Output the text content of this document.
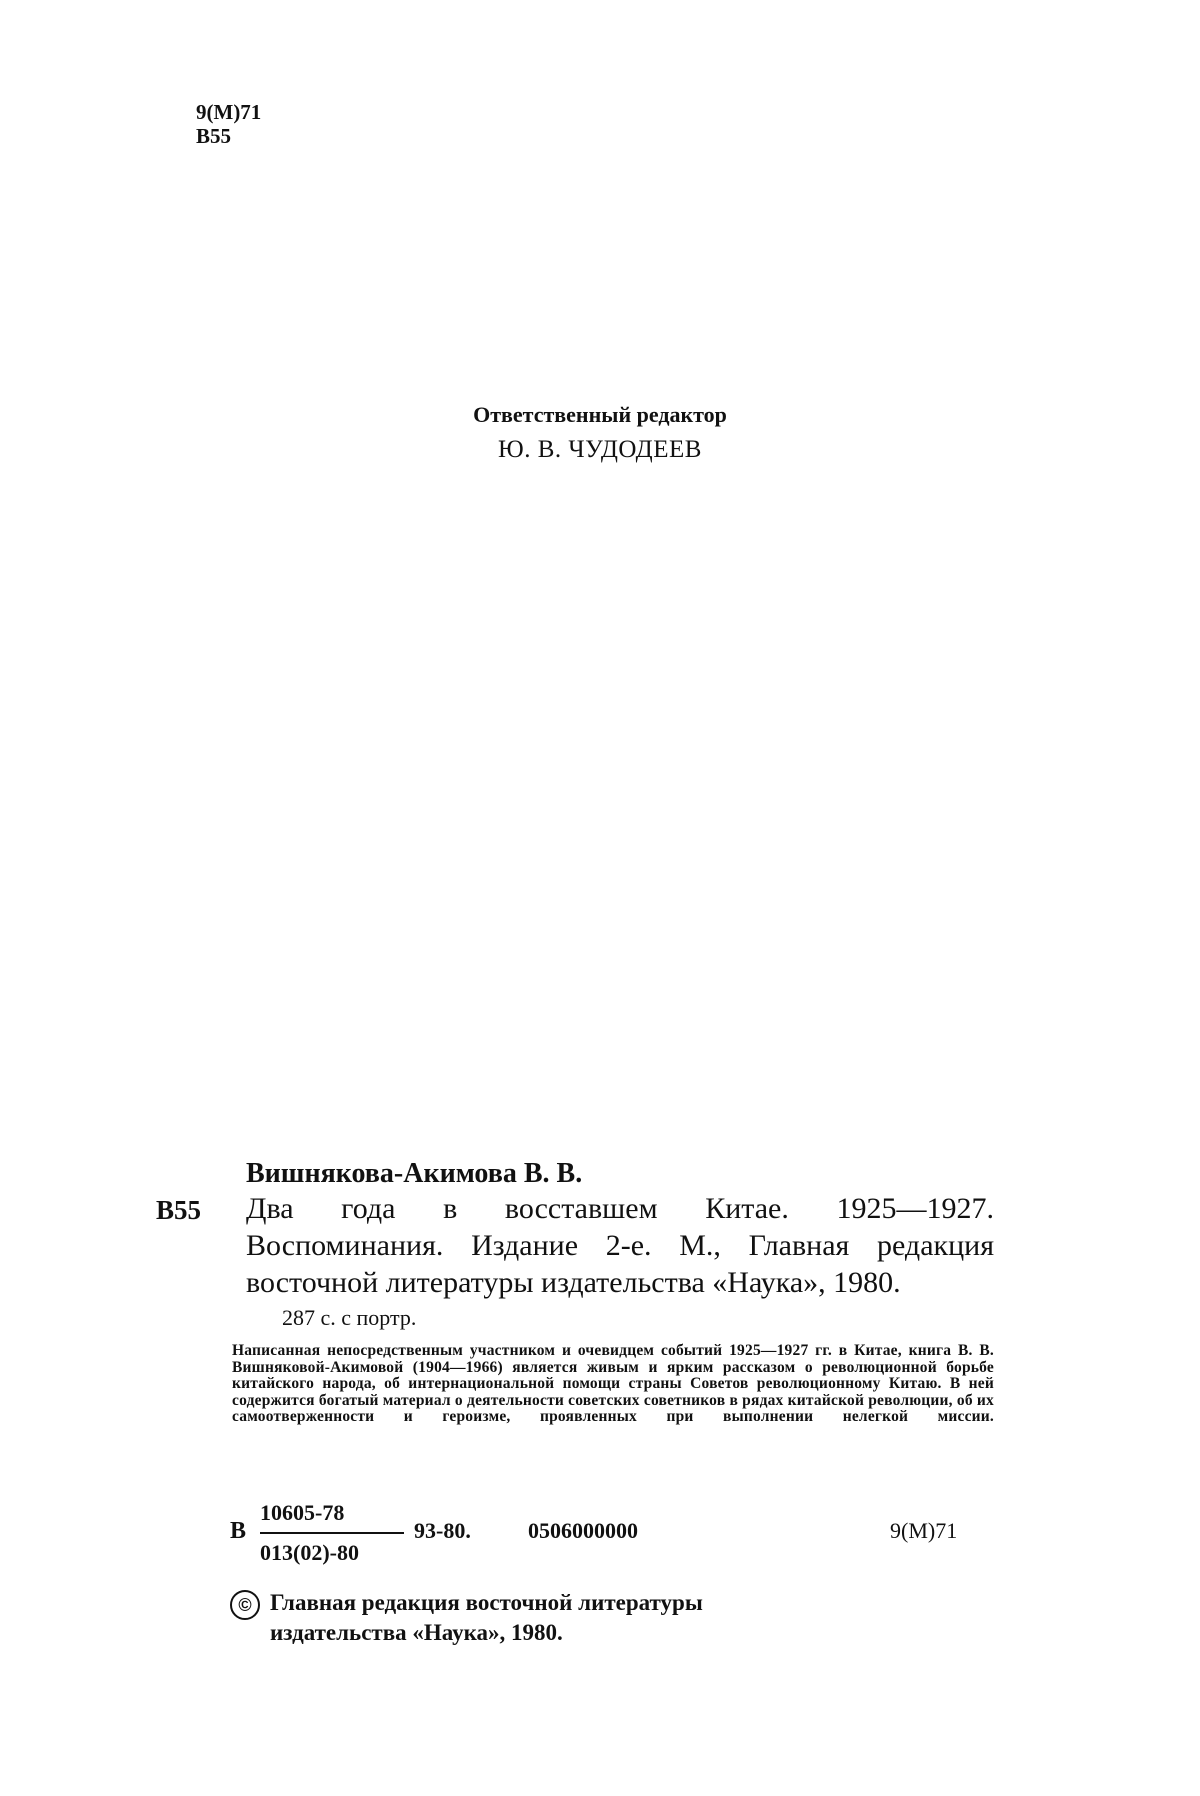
9(М)71
В55
Ответственный редактор
Ю. В. ЧУДОДЕЕВ
Вишнякова-Акимова В. В.
В55 Два года в восставшем Китае. 1925—1927. Воспоминания. Издание 2-е. М., Главная редакция восточной литературы издательства «Наука», 1980.
287 с. с портр.
Написанная непосредственным участником и очевидцем событий 1925—1927 гг. в Китае, книга В. В. Вишняковой-Акимовой (1904—1966) является живым и ярким рассказом о революционной борьбе китайского народа, об интернациональной помощи страны Советов революционному Китаю. В ней содержится богатый материал о деятельности советских советников в рядах китайской революции, об их самоотверженности и героизме, проявленных при выполнении нелегкой миссии.
В
10605-78
013(02)-80
93-80.	0506000000	9(М)71
© Главная редакция восточной литературы
издательства «Наука», 1980.
